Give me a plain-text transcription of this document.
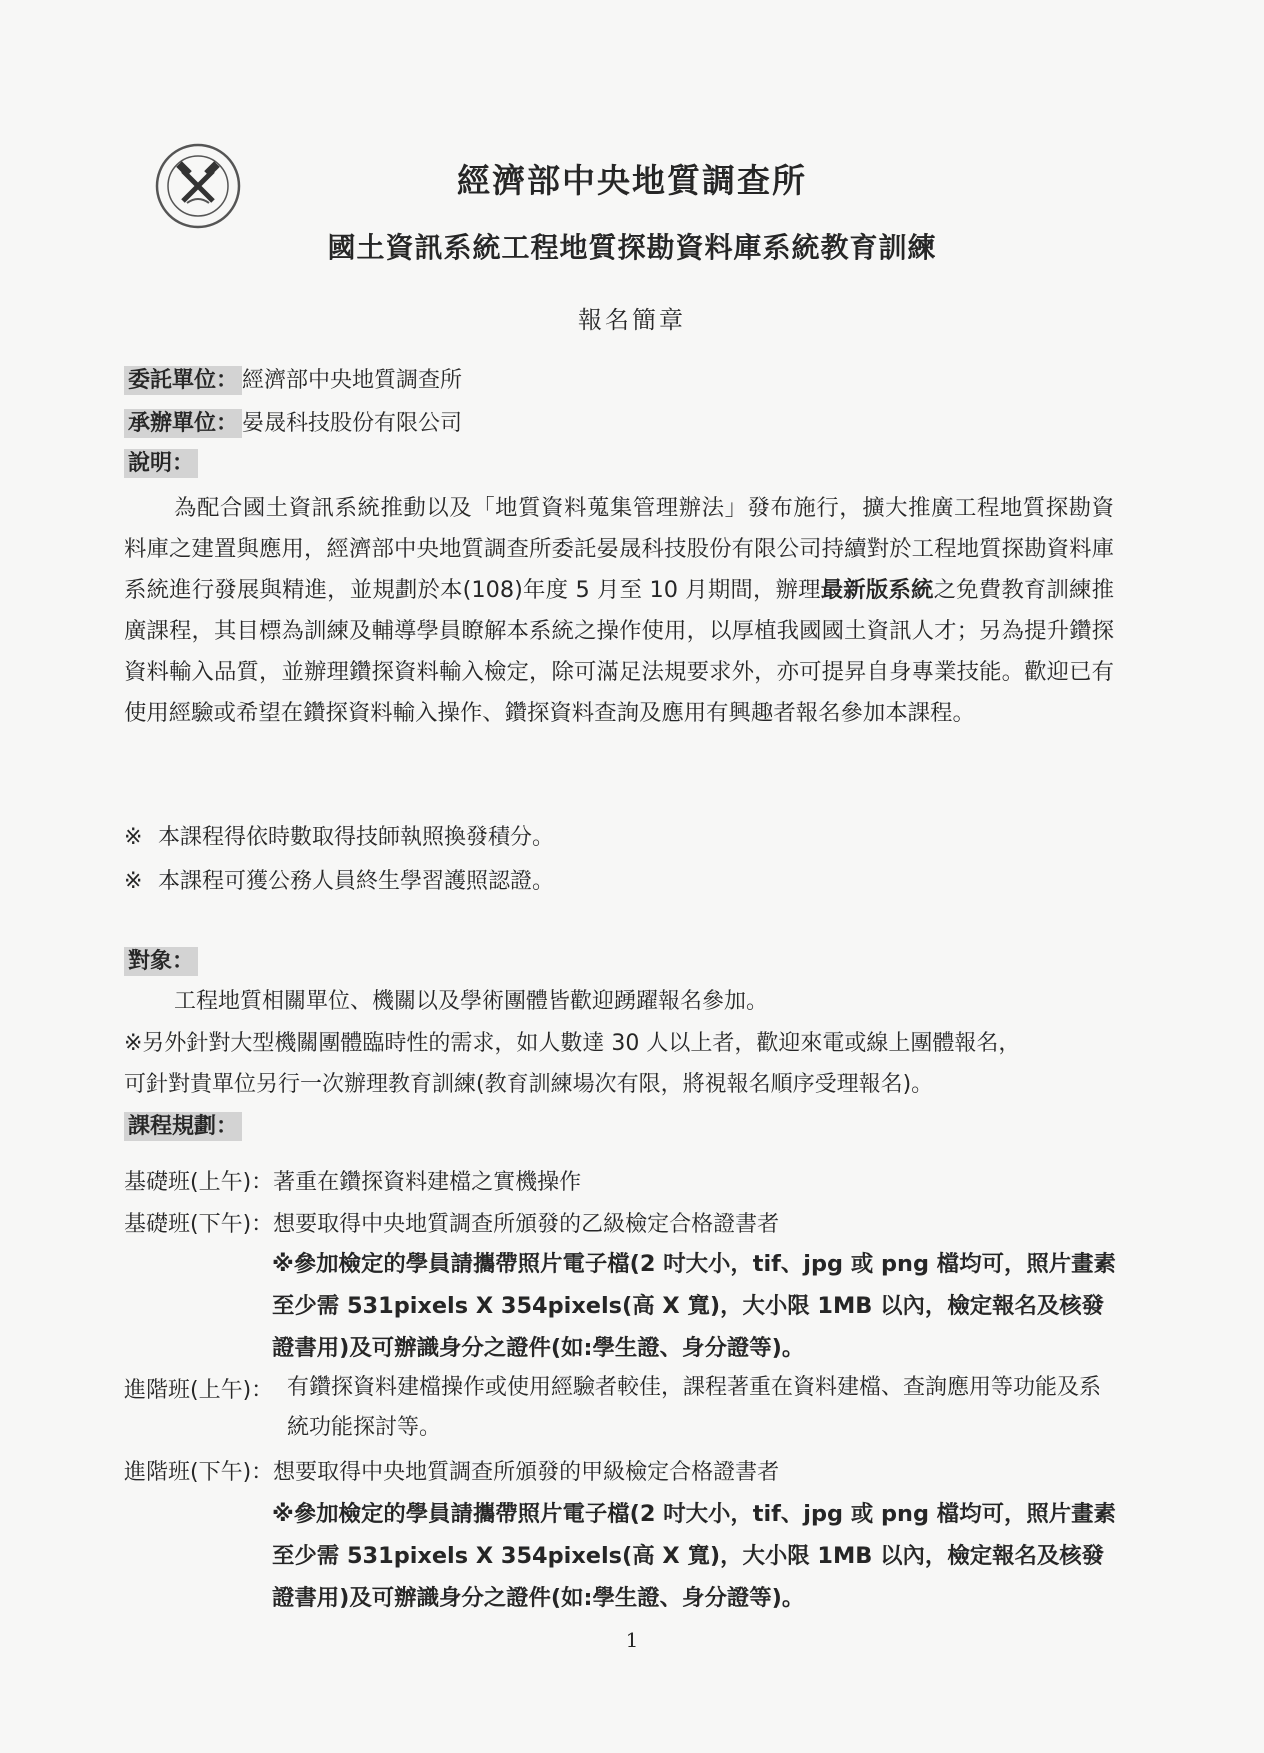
經濟部中央地質調查所
國土資訊系統工程地質探勘資料庫系統教育訓練
報名簡章
委託單位： 經濟部中央地質調查所
承辦單位： 晏晟科技股份有限公司
說明：

為配合國土資訊系統推動以及「地質資料蒐集管理辦法」發布施行，擴大推廣工程地質探勘資料庫之建置與應用，經濟部中央地質調查所委託晏晟科技股份有限公司持續對於工程地質探勘資料庫系統進行發展與精進，並規劃於本(108)年度 5 月至 10 月期間，辦理最新版系統之免費教育訓練推廣課程，其目標為訓練及輔導學員瞭解本系統之操作使用，以厚植我國國土資訊人才；另為提升鑽探資料輸入品質，並辦理鑽探資料輸入檢定，除可滿足法規要求外，亦可提昇自身專業技能。歡迎已有使用經驗或希望在鑽探資料輸入操作、鑽探資料查詢及應用有興趣者報名參加本課程。

※ 本課程得依時數取得技師執照換發積分。
※ 本課程可獲公務人員終生學習護照認證。
對象：
工程地質相關單位、機關以及學術團體皆歡迎踴躍報名參加。
※另外針對大型機關團體臨時性的需求，如人數達 30 人以上者，歡迎來電或線上團體報名，
可針對貴單位另行一次辦理教育訓練(教育訓練場次有限，將視報名順序受理報名)。
課程規劃：
基礎班(上午)：著重在鑽探資料建檔之實機操作
基礎班(下午)：想要取得中央地質調查所頒發的乙級檢定合格證書者

※參加檢定的學員請攜帶照片電子檔(2 吋大小，tif、jpg 或 png 檔均可，照片畫素至少需 531pixels X 354pixels(高 X 寬)，大小限 1MB 以內，檢定報名及核發證書用)及可辦識身分之證件(如:學生證、身分證等)。

進階班(上午)： 有鑽探資料建檔操作或使用經驗者較佳，課程著重在資料建檔、查詢應用等功能及系統功能探討等。
進階班(下午)：想要取得中央地質調查所頒發的甲級檢定合格證書者

※參加檢定的學員請攜帶照片電子檔(2 吋大小，tif、jpg 或 png 檔均可，照片畫素至少需 531pixels X 354pixels(高 X 寬)，大小限 1MB 以內，檢定報名及核發證書用)及可辦識身分之證件(如:學生證、身分證等)。

1
